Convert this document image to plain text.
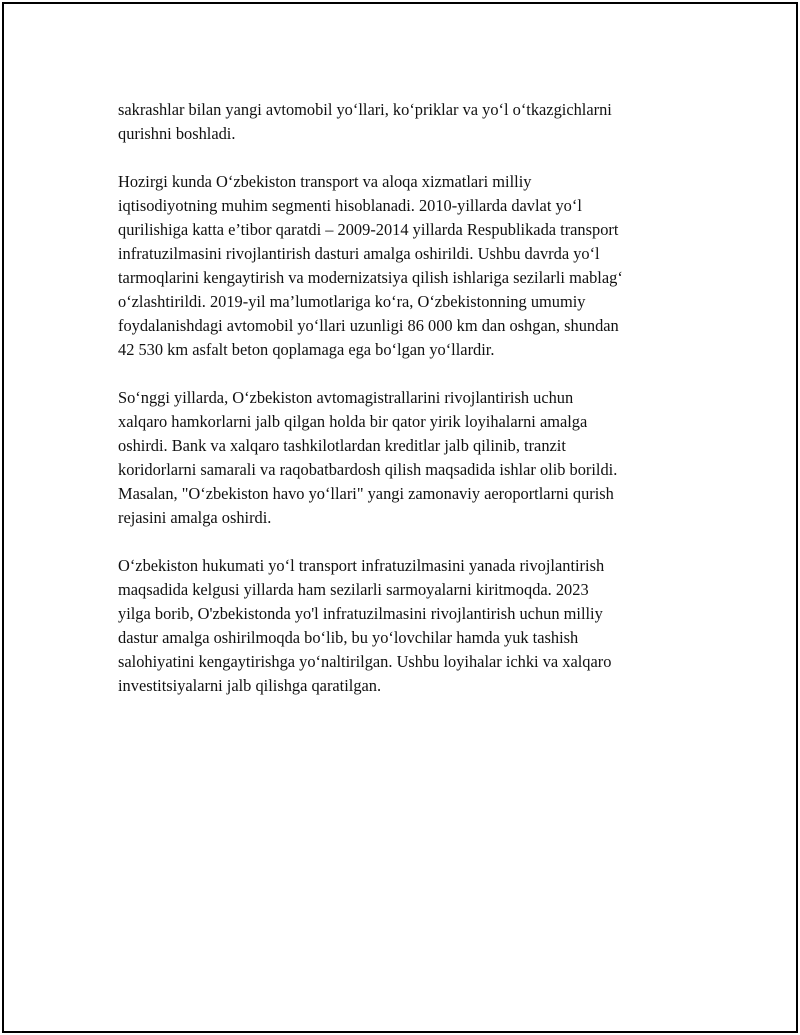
sakrashlar bilan yangi avtomobil yo‘llari, ko‘priklar va yo‘l o‘tkazgichlarni
qurishni boshladi.

Hozirgi kunda O‘zbekiston transport va aloqa xizmatlari milliy
iqtisodiyotning muhim segmenti hisoblanadi. 2010-yillarda davlat yo‘l
qurilishiga katta e’tibor qaratdi – 2009-2014 yillarda Respublikada transport
infratuzilmasini rivojlantirish dasturi amalga oshirildi. Ushbu davrda yo‘l
tarmoqlarini kengaytirish va modernizatsiya qilish ishlariga sezilarli mablag‘
o‘zlashtirildi. 2019-yil ma’lumotlariga ko‘ra, O‘zbekistonning umumiy
foydalanishdagi avtomobil yo‘llari uzunligi 86 000 km dan oshgan, shundan
42 530 km asfalt beton qoplamaga ega bo‘lgan yo‘llardir.

So‘nggi yillarda, O‘zbekiston avtomagistrallarini rivojlantirish uchun
xalqaro hamkorlarni jalb qilgan holda bir qator yirik loyihalarni amalga
oshirdi. Bank va xalqaro tashkilotlardan kreditlar jalb qilinib, tranzit
koridorlarni samarali va raqobatbardosh qilish maqsadida ishlar olib borildi.
Masalan, "O‘zbekiston havo yo‘llari" yangi zamonaviy aeroportlarni qurish
rejasini amalga oshirdi.

O‘zbekiston hukumati yo‘l transport infratuzilmasini yanada rivojlantirish
maqsadida kelgusi yillarda ham sezilarli sarmoyalarni kiritmoqda. 2023
yilga borib, O'zbekistonda yo'l infratuzilmasini rivojlantirish uchun milliy
dastur amalga oshirilmoqda bo‘lib, bu yo‘lovchilar hamda yuk tashish
salohiyatini kengaytirishga yo‘naltirilgan. Ushbu loyihalar ichki va xalqaro
investitsiyalarni jalb qilishga qaratilgan.
